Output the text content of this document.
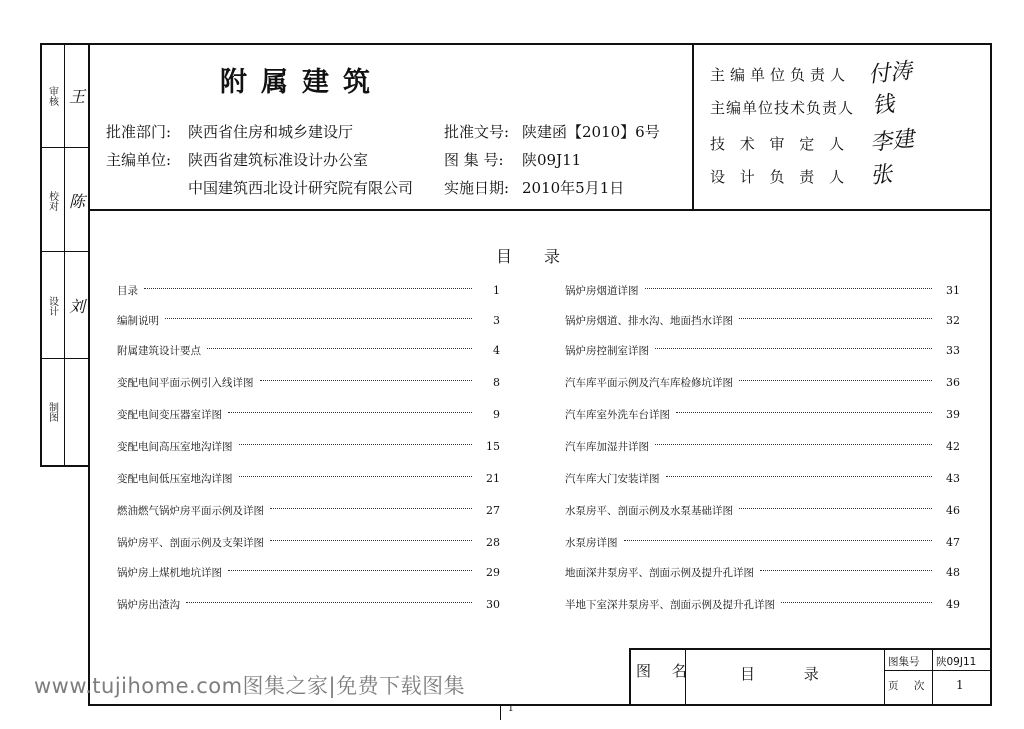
审核 王
校对 陈
设计 刘
制图
附属建筑
批准部门: 陕西省住房和城乡建设厅
主编单位: 陕西省建筑标准设计办公室
中国建筑西北设计研究院有限公司
批准文号: 陕建函【2010】6号
图 集 号: 陕09J11
实施日期: 2010年5月1日
主编单位负责人 付涛
主编单位技术负责人 钱
技 术 审 定 人 李建
设 计 负 责 人 张
目录
目录	1
编制说明	3
附属建筑设计要点	4
变配电间平面示例引入线详图	8
变配电间变压器室详图	9
变配电间高压室地沟详图	15
变配电间低压室地沟详图	21
燃油燃气锅炉房平面示例及详图	27
锅炉房平、剖面示例及支架详图	28
锅炉房上煤机地坑详图	29
锅炉房出渣沟	30
锅炉房烟道详图	31
锅炉房烟道、排水沟、地面挡水详图	32
锅炉房控制室详图	33
汽车库平面示例及汽车库检修坑详图	36
汽车库室外洗车台详图	39
汽车库加湿井详图	42
汽车库大门安装详图	43
水泵房平、剖面示例及水泵基础详图	46
水泵房详图	47
地面深井泵房平、剖面示例及提升孔详图	48
半地下室深井泵房平、剖面示例及提升孔详图	49
图 名	目 录
图集号 陕09J11
页 次 1
1
www.tujihome.com图集之家|免费下载图集
